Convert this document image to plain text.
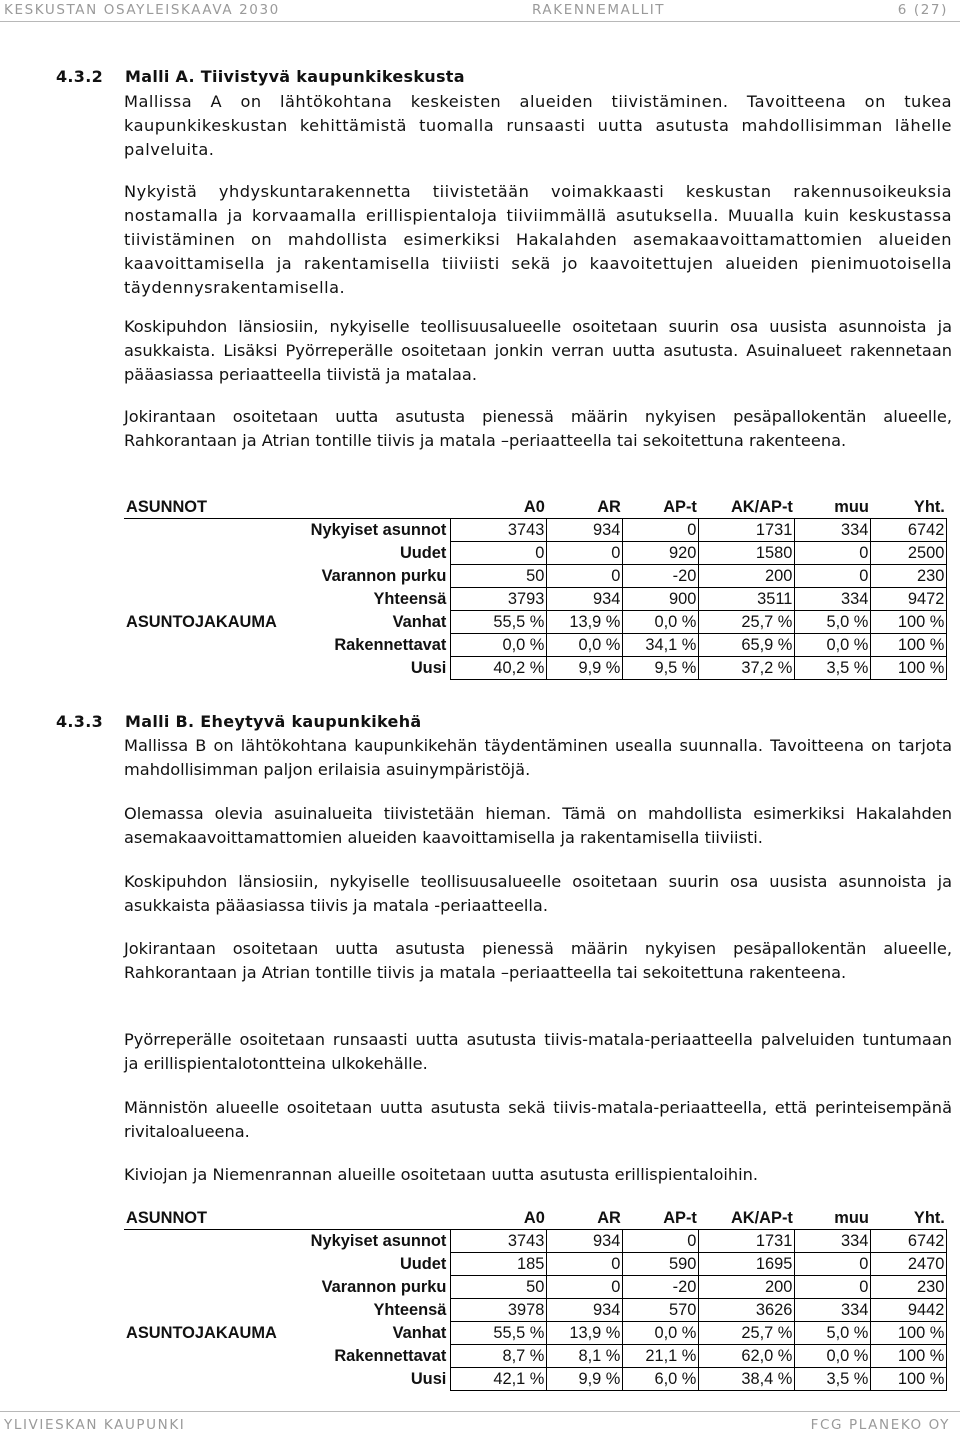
KESKUSTAN OSAYLEISKAAVA 2030	RAKENNEMALLIT	6 (27)
4.3.2 Malli A. Tiivistyvä kaupunkikeskusta

Mallissa A on lähtökohtana keskeisten alueiden tiivistäminen. Tavoitteena on tukea kaupunkikeskustan kehittämistä tuomalla runsaasti uutta asutusta mahdollisimman lähelle palveluita.

Nykyistä yhdyskuntarakennetta tiivistetään voimakkaasti keskustan rakennusoikeuksia nostamalla ja korvaamalla erillispientaloja tiiviimmällä asutuksella. Muualla kuin keskustassa tiivistäminen on mahdollista esimerkiksi Hakalahden asemakaavoittamattomien alueiden kaavoittamisella ja rakentamisella tiiviisti sekä jo kaavoitettujen alueiden pienimuotoisella täydennysrakentamisella.

Koskipuhdon länsiosiin, nykyiselle teollisuusalueelle osoitetaan suurin osa uusista asunnoista ja asukkaista. Lisäksi Pyörreperälle osoitetaan jonkin verran uutta asutusta. Asuinalueet rakennetaan pääasiassa periaatteella tiivistä ja matalaa.

Jokirantaan osoitetaan uutta asutusta pienessä määrin nykyisen pesäpallokentän alueelle, Rahkorantaan ja Atrian tontille tiivis ja matala –periaatteella tai sekoitettuna rakenteena.

ASUNNOT		A0	AR	AP-t	AK/AP-t	muu	Yht.
Nykyiset asunnot		3743	934	0	1731	334	6742
Uudet		0	0	920	1580	0	2500
Varannon purku		50	0	-20	200	0	230
Yhteensä		3793	934	900	3511	334	9472
ASUNTOJAKAUMA	Vanhat	55,5 %	13,9 %	0,0 %	25,7 %	5,0 %	100 %
Rakennettavat		0,0 %	0,0 %	34,1 %	65,9 %	0,0 %	100 %
Uusi		40,2 %	9,9 %	9,5 %	37,2 %	3,5 %	100 %
4.3.3 Malli B. Eheytyvä kaupunkikehä

Mallissa B on lähtökohtana kaupunkikehän täydentäminen usealla suunnalla. Tavoitteena on tarjota mahdollisimman paljon erilaisia asuinympäristöjä.

Olemassa olevia asuinalueita tiivistetään hieman. Tämä on mahdollista esimerkiksi Hakalahden asemakaavoittamattomien alueiden kaavoittamisella ja rakentamisella tiiviisti.

Koskipuhdon länsiosiin, nykyiselle teollisuusalueelle osoitetaan suurin osa uusista asunnoista ja asukkaista pääasiassa tiivis ja matala -periaatteella.

Jokirantaan osoitetaan uutta asutusta pienessä määrin nykyisen pesäpallokentän alueelle, Rahkorantaan ja Atrian tontille tiivis ja matala –periaatteella tai sekoitettuna rakenteena.

Pyörreperälle osoitetaan runsaasti uutta asutusta tiivis-matala-periaatteella palveluiden tuntumaan ja erillispientalotontteina ulkokehälle.

Männistön alueelle osoitetaan uutta asutusta sekä tiivis-matala-periaatteella, että perinteisempänä rivitaloalueena.

Kiviojan ja Niemenrannan alueille osoitetaan uutta asutusta erillispientaloihin.

ASUNNOT		A0	AR	AP-t	AK/AP-t	muu	Yht.
Nykyiset asunnot		3743	934	0	1731	334	6742
Uudet		185	0	590	1695	0	2470
Varannon purku		50	0	-20	200	0	230
Yhteensä		3978	934	570	3626	334	9442
ASUNTOJAKAUMA	Vanhat	55,5 %	13,9 %	0,0 %	25,7 %	5,0 %	100 %
Rakennettavat		8,7 %	8,1 %	21,1 %	62,0 %	0,0 %	100 %
Uusi		42,1 %	9,9 %	6,0 %	38,4 %	3,5 %	100 %
YLIVIESKAN KAUPUNKI	FCG PLANEKO OY
